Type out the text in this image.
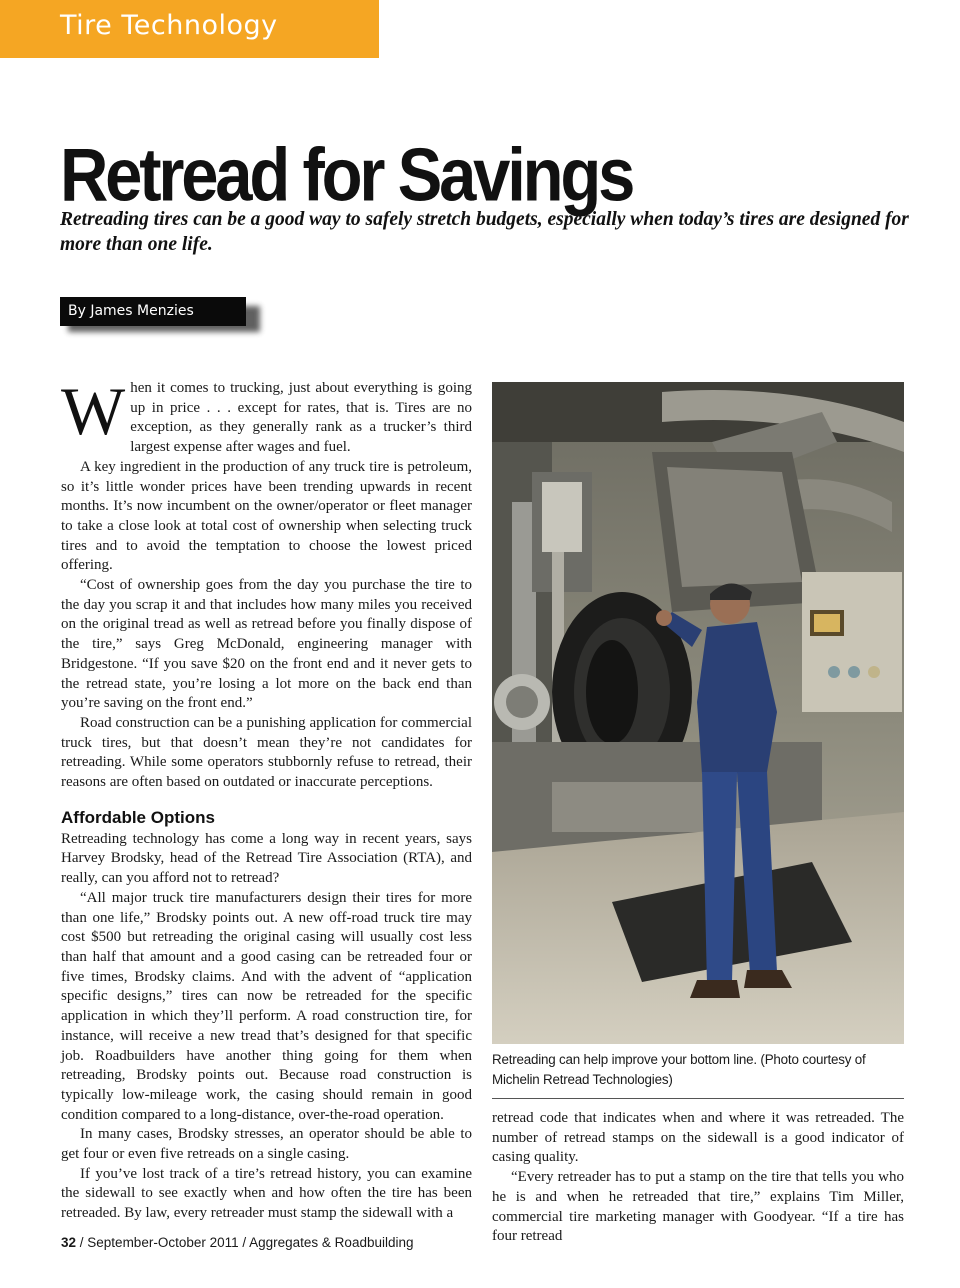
Tire Technology
Retread for Savings

Retreading tires can be a good way to safely stretch budgets, especially when today’s tires are designed for more than one life.

By James Menzies

When it comes to trucking, just about everything is going up in price . . . except for rates, that is. Tires are no exception, as they generally rank as a trucker’s third largest expense after wages and fuel.

A key ingredient in the production of any truck tire is petroleum, so it’s little wonder prices have been trending upwards in recent months. It’s now incumbent on the owner/operator or fleet manager to take a close look at total cost of ownership when selecting truck tires and to avoid the temptation to choose the lowest priced offering.

“Cost of ownership goes from the day you purchase the tire to the day you scrap it and that includes how many miles you received on the original tread as well as retread before you finally dispose of the tire,” says Greg McDonald, engineering manager with Bridgestone. “If you save $20 on the front end and it never gets to the retread state, you’re losing a lot more on the back end than you’re saving on the front end.”

Road construction can be a punishing application for commercial truck tires, but that doesn’t mean they’re not candidates for retreading. While some operators stubbornly refuse to retread, their reasons are often based on outdated or inaccurate perceptions.

Affordable Options

Retreading technology has come a long way in recent years, says Harvey Brodsky, head of the Retread Tire Association (RTA), and really, can you afford not to retread?

“All major truck tire manufacturers design their tires for more than one life,” Brodsky points out. A new off-road truck tire may cost $500 but retreading the original casing will usually cost less than half that amount and a good casing can be retreaded four or five times, Brodsky claims. And with the advent of “application specific designs,” tires can now be retreaded for the specific application in which they’ll perform. A road construction tire, for instance, will receive a new tread that’s designed for that specific job. Roadbuilders have another thing going for them when retreading, Brodsky points out. Because road construction is typically low-mileage work, the casing should remain in good condition compared to a long-distance, over-the-road operation.

In many cases, Brodsky stresses, an operator should be able to get four or even five retreads on a single casing.

If you’ve lost track of a tire’s retread history, you can examine the sidewall to see exactly when and how often the tire has been retreaded. By law, every retreader must stamp the sidewall with a

Retreading can help improve your bottom line. (Photo courtesy of Michelin Retread Technologies)

retread code that indicates when and where it was retreaded. The number of retread stamps on the sidewall is a good indicator of casing quality.

“Every retreader has to put a stamp on the tire that tells you who he is and when he retreaded that tire,” explains Tim Miller, commercial tire marketing manager with Goodyear. “If a tire has four retread

32 / September-October 2011 / Aggregates & Roadbuilding
